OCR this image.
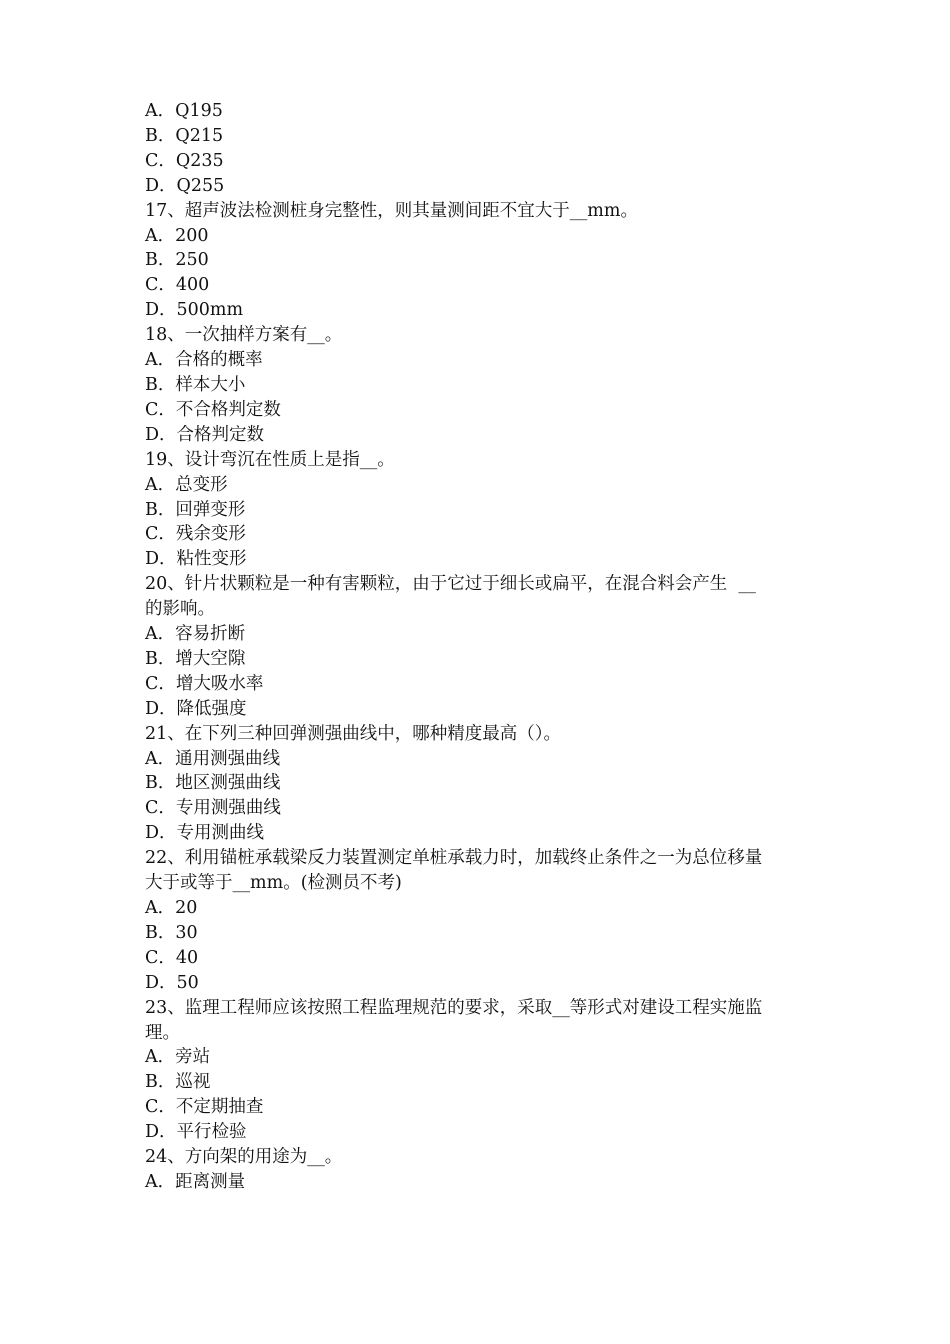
A．Q195
B．Q215
C．Q235
D．Q255
17、超声波法检测桩身完整性，则其量测间距不宜大于__mm。
A．200
B．250
C．400
D．500mm
18、一次抽样方案有__。
A．合格的概率
B．样本大小
C．不合格判定数
D．合格判定数
19、设计弯沉在性质上是指__。
A．总变形
B．回弹变形
C．残余变形
D．粘性变形
20、针片状颗粒是一种有害颗粒，由于它过于细长或扁平，在混合料会产生  __
的影响。
A．容易折断
B．增大空隙
C．增大吸水率
D．降低强度
21、在下列三种回弹测强曲线中，哪种精度最高（）。
A．通用测强曲线
B．地区测强曲线
C．专用测强曲线
D．专用测曲线
22、利用锚桩承载梁反力装置测定单桩承载力时，加载终止条件之一为总位移量
大于或等于__mm。(检测员不考)
A．20
B．30
C．40
D．50
23、监理工程师应该按照工程监理规范的要求，采取__等形式对建设工程实施监
理。
A．旁站
B．巡视
C．不定期抽查
D．平行检验
24、方向架的用途为__。
A．距离测量
